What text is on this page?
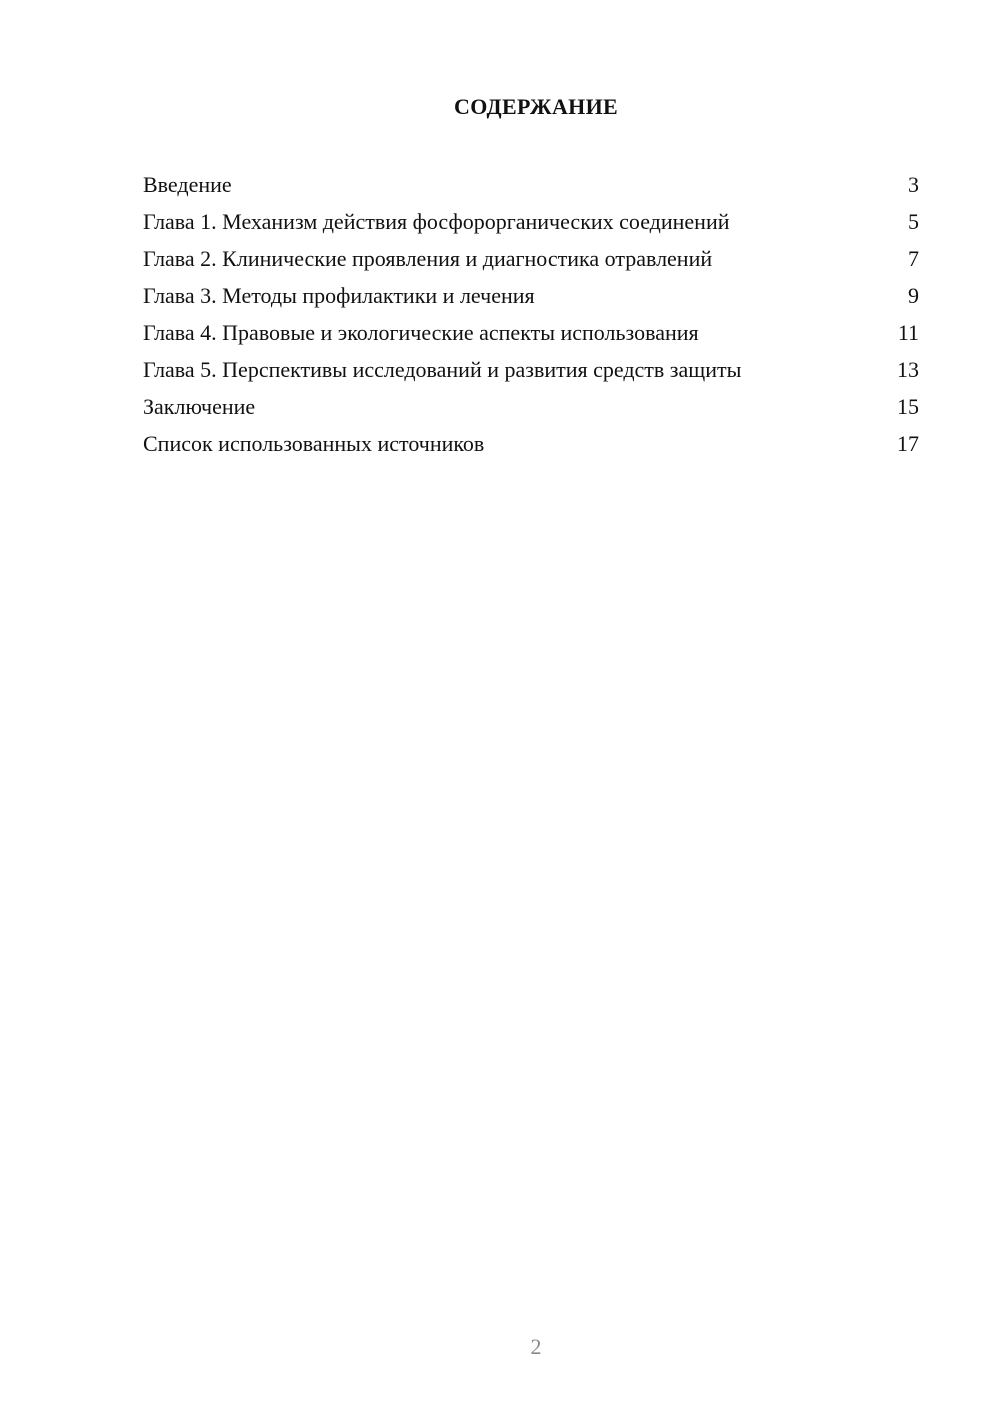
СОДЕРЖАНИЕ
Введение	3
Глава 1. Механизм действия фосфорорганических соединений	5
Глава 2. Клинические проявления и диагностика отравлений	7
Глава 3. Методы профилактики и лечения	9
Глава 4. Правовые и экологические аспекты использования	11
Глава 5. Перспективы исследований и развития средств защиты	13
Заключение	15
Список использованных источников	17
2
